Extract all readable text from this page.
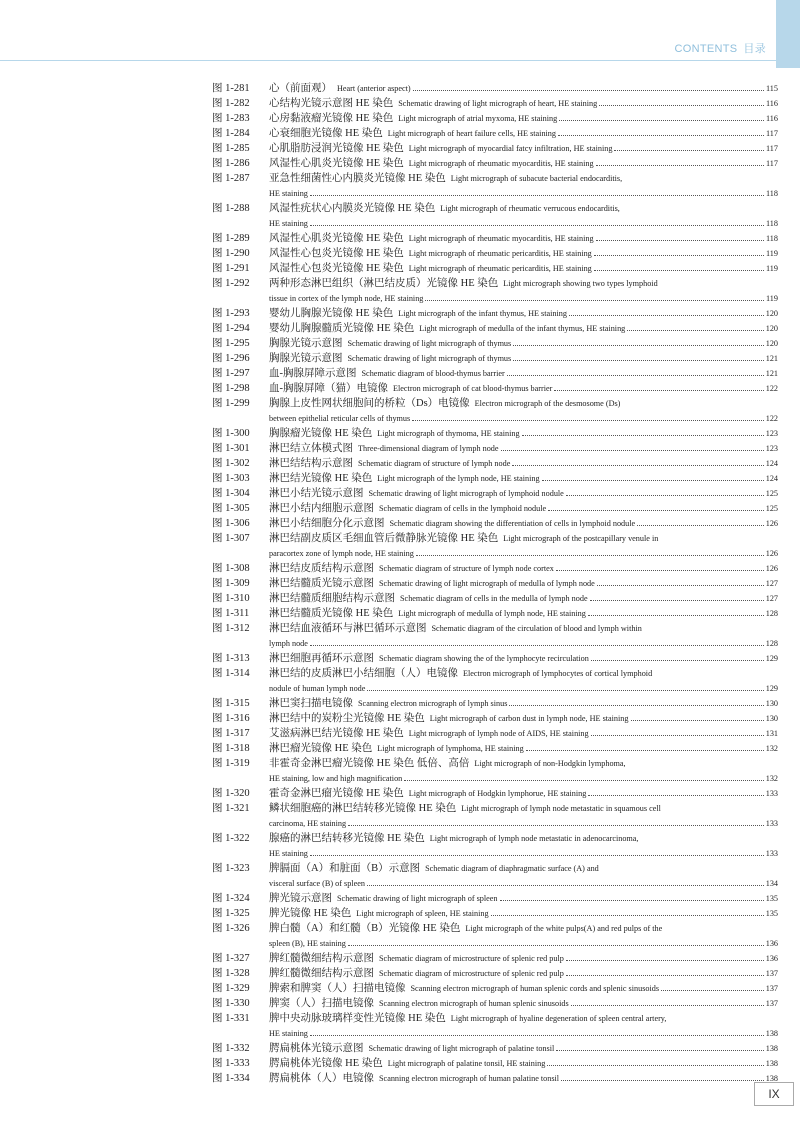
CONTENTS 目录
图 1-281	心（前面观） Heart (anterior aspect)	115
图 1-282	心结构光镜示意图 HE 染色 Schematic drawing of light micrograph of heart, HE staining	116
图 1-283	心房黏液瘤光镜像 HE 染色 Light micrograph of atrial myxoma, HE staining	116
图 1-284	心衰细胞光镜像 HE 染色 Light micrograph of heart failure cells, HE staining	117
图 1-285	心肌脂肪浸润光镜像 HE 染色 Light micrograph of myocardial fatcy infiltration, HE staining	117
图 1-286	风湿性心肌炎光镜像 HE 染色 Light micrograph of rheumatic myocarditis, HE staining	117
图 1-287	亚急性细菌性心内膜炎光镜像 HE 染色 Light micrograph of subacute bacterial endocarditis,
HE staining	118
图 1-288	风湿性疣状心内膜炎光镜像 HE 染色 Light micrograph of rheumatic verrucous endocarditis,
HE staining	118
图 1-289	风湿性心肌炎光镜像 HE 染色 Light micrograph of rheumatic myocarditis, HE staining	118
图 1-290	风湿性心包炎光镜像 HE 染色 Light micrograph of rheumatic pericarditis, HE staining	119
图 1-291	风湿性心包炎光镜像 HE 染色 Light micrograph of rheumatic pericarditis, HE staining	119
图 1-292	两种形态淋巴组织（淋巴结皮质）光镜像 HE 染色 Light micrograph showing two types lymphoid
tissue in cortex of the lymph node, HE staining	119
图 1-293	婴幼儿胸腺光镜像 HE 染色 Light micrograph of the infant thymus, HE staining	120
图 1-294	婴幼儿胸腺髓质光镜像 HE 染色 Light micrograph of medulla of the infant thymus, HE staining	120
图 1-295	胸腺光镜示意图 Schematic drawing of light micrograph of thymus	120
图 1-296	胸腺光镜示意图 Schematic drawing of light micrograph of thymus	121
图 1-297	血-胸腺屏障示意图 Schematic diagram of blood-thymus barrier	121
图 1-298	血-胸腺屏障（猫）电镜像 Electron micrograph of cat blood-thymus barrier	122
图 1-299	胸腺上皮性网状细胞间的桥粒（Ds）电镜像 Electron micrograph of the desmosome (Ds)
between epithelial reticular cells of thymus	122
图 1-300	胸腺瘤光镜像 HE 染色 Light micrograph of thymoma, HE staining	123
图 1-301	淋巴结立体模式图 Three-dimensional diagram of lymph node	123
图 1-302	淋巴结结构示意图 Schematic diagram of structure of lymph node	124
图 1-303	淋巴结光镜像 HE 染色 Light micrograph of the lymph node, HE staining	124
图 1-304	淋巴小结光镜示意图 Schematic drawing of light micrograph of lymphoid nodule	125
图 1-305	淋巴小结内细胞示意图 Schematic diagram of cells in the lymphoid nodule	125
图 1-306	淋巴小结细胞分化示意图 Schematic diagram showing the differentiation of cells in lymphoid nodule	126
图 1-307	淋巴结副皮质区毛细血管后微静脉光镜像 HE 染色 Light micrograph of the postcapillary venule in
paracortex zone of lymph node, HE staining	126
图 1-308	淋巴结皮质结构示意图 Schematic diagram of structure of lymph node cortex	126
图 1-309	淋巴结髓质光镜示意图 Schematic drawing of light micrograph of medulla of lymph node	127
图 1-310	淋巴结髓质细胞结构示意图 Schematic diagram of cells in the medulla of lymph node	127
图 1-311	淋巴结髓质光镜像 HE 染色 Light micrograph of medulla of lymph node, HE staining	128
图 1-312	淋巴结血液循环与淋巴循环示意图 Schematic diagram of the circulation of blood and lymph within
lymph node	128
图 1-313	淋巴细胞再循环示意图 Schematic diagram showing the of the lymphocyte recirculation	129
图 1-314	淋巴结的皮质淋巴小结细胞（人）电镜像 Electron micrograph of lymphocytes of cortical lymphoid
nodule of human lymph node	129
图 1-315	淋巴窦扫描电镜像 Scanning electron micrograph of lymph sinus	130
图 1-316	淋巴结中的炭粉尘光镜像 HE 染色 Light micrograph of carbon dust in lymph node, HE staining	130
图 1-317	艾滋病淋巴结光镜像 HE 染色 Light micrograph of lymph node of AIDS, HE staining	131
图 1-318	淋巴瘤光镜像 HE 染色 Light micrograph of lymphoma, HE staining	132
图 1-319	非霍奇金淋巴瘤光镜像 HE 染色 低倍、高倍 Light micrograph of non-Hodgkin lymphoma,
HE staining, low and high magnification	132
图 1-320	霍奇金淋巴瘤光镜像 HE 染色 Light micrograph of Hodgkin lymphorue, HE staining	133
图 1-321	鳞状细胞癌的淋巴结转移光镜像 HE 染色 Light micrograph of lymph node metastatic in squamous cell
carcinoma, HE staining	133
图 1-322	腺癌的淋巴结转移光镜像 HE 染色 Light micrograph of lymph node metastatic in adenocarcinoma,
HE staining	133
图 1-323	脾膈面（A）和脏面（B）示意图 Schematic diagram of diaphragmatic surface (A) and
visceral surface (B) of spleen	134
图 1-324	脾光镜示意图 Schematic drawing of light micrograph of spleen	135
图 1-325	脾光镜像 HE 染色 Light micrograph of spleen, HE staining	135
图 1-326	脾白髓（A）和红髓（B）光镜像 HE 染色 Light micrograph of the white pulps(A) and red pulps of the
spleen (B), HE staining	136
图 1-327	脾红髓微细结构示意图 Schematic diagram of microstructure of splenic red pulp	136
图 1-328	脾红髓微细结构示意图 Schematic diagram of microstructure of splenic red pulp	137
图 1-329	脾索和脾窦（人）扫描电镜像 Scanning electron micrograph of human splenic cords and splenic sinusoids	137
图 1-330	脾窦（人）扫描电镜像 Scanning electron micrograph of human splenic sinusoids	137
图 1-331	脾中央动脉玻璃样变性光镜像 HE 染色 Light micrograph of hyaline degeneration of spleen central artery,
HE staining	138
图 1-332	腭扁桃体光镜示意图 Schematic drawing of light micrograph of palatine tonsil	138
图 1-333	腭扁桃体光镜像 HE 染色 Light micrograph of palatine tonsil, HE staining	138
图 1-334	腭扁桃体（人）电镜像 Scanning electron micrograph of human palatine tonsil	138
IX
